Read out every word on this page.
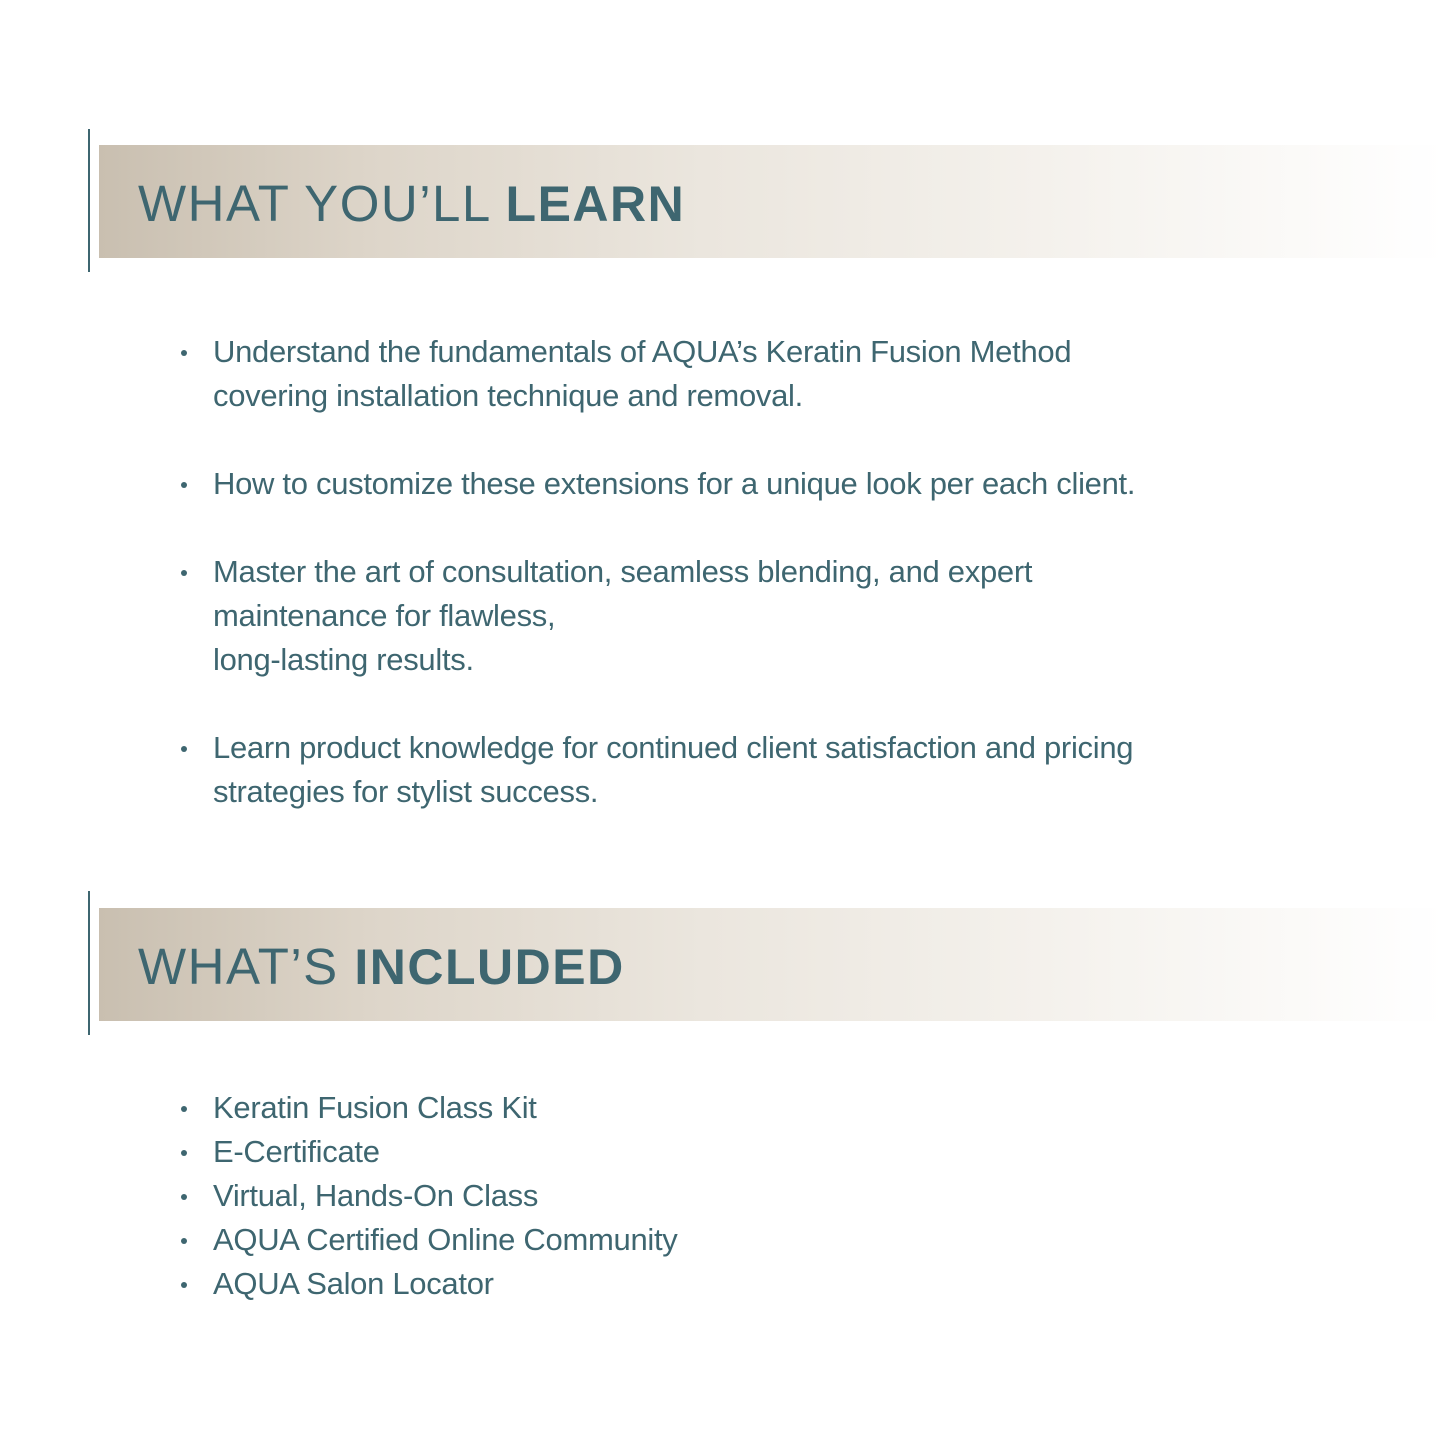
WHAT YOU’LL LEARN
Understand the fundamentals of AQUA’s Keratin Fusion Method
covering installation technique and removal.
How to customize these extensions for a unique look per each client.
Master the art of consultation, seamless blending, and expert
maintenance for flawless,
long-lasting results.
Learn product knowledge for continued client satisfaction and pricing
strategies for stylist success.
WHAT’S INCLUDED
Keratin Fusion Class Kit
E-Certificate
Virtual, Hands-On Class
AQUA Certified Online Community
AQUA Salon Locator
